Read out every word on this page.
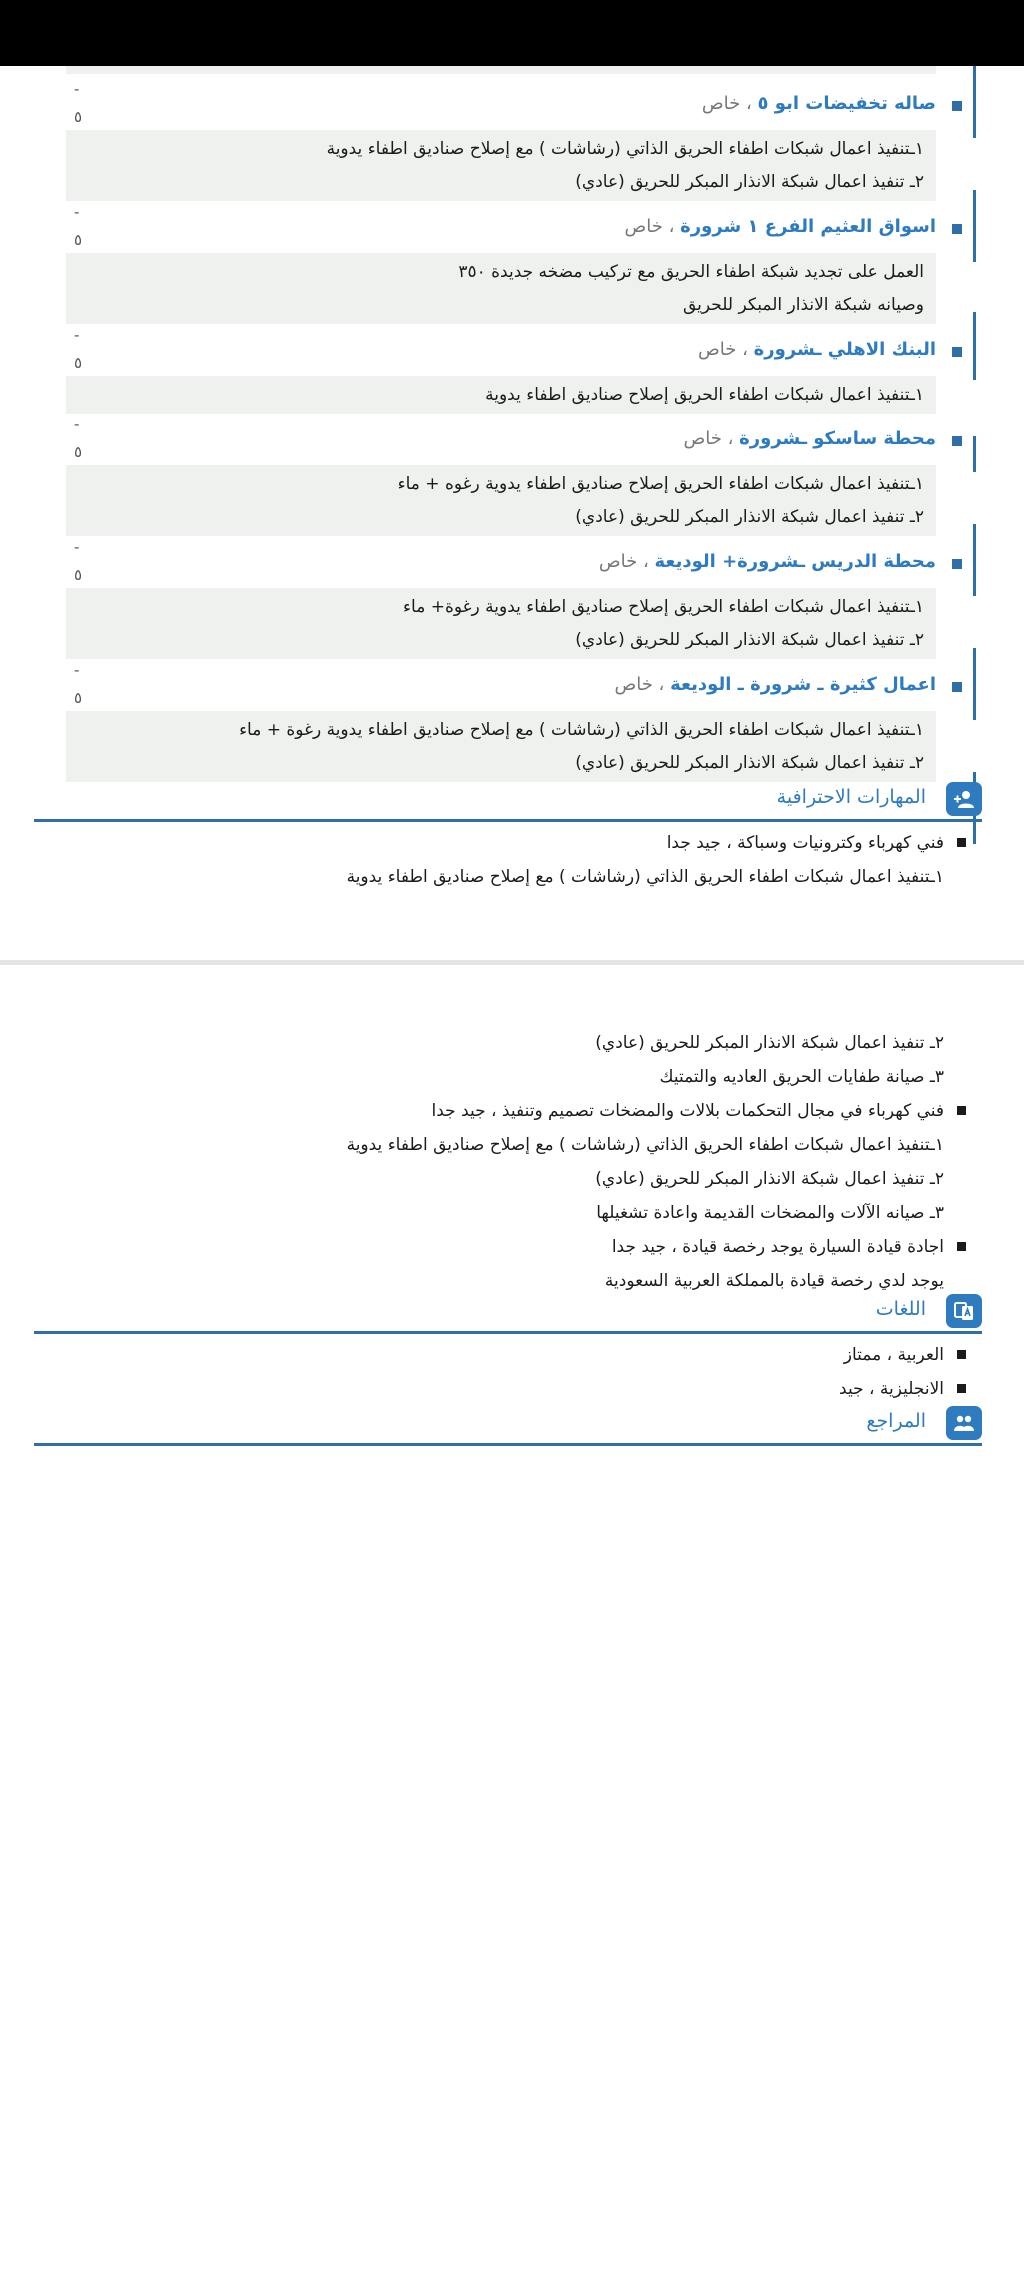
صاله تخفيضات ابو ٥ ، خاص
-
٥
١ـتنفيذ اعمال شبكات اطفاء الحريق الذاتي (رشاشات ) مع إصلاح صناديق اطفاء يدوية
٢ـ تنفيذ اعمال شبكة الانذار المبكر للحريق (عادي)
اسواق العثيم الفرع ١ شرورة ، خاص
-
٥
العمل على تجديد شبكة اطفاء الحريق مع تركيب مضخه جديدة ٣٥٠
وصيانه شبكة الانذار المبكر للحريق
البنك الاهلي ـشرورة ، خاص
-
٥
١ـتنفيذ اعمال شبكات اطفاء الحريق إصلاح صناديق اطفاء يدوية
محطة ساسكو ـشرورة ، خاص
-
٥
١ـتنفيذ اعمال شبكات اطفاء الحريق إصلاح صناديق اطفاء يدوية رغوه + ماء
٢ـ تنفيذ اعمال شبكة الانذار المبكر للحريق (عادي)
محطة الدريس ـشرورة+ الوديعة ، خاص
-
٥
١ـتنفيذ اعمال شبكات اطفاء الحريق إصلاح صناديق اطفاء يدوية رغوة+ ماء
٢ـ تنفيذ اعمال شبكة الانذار المبكر للحريق (عادي)
اعمال كثيرة ـ شرورة ـ الوديعة ، خاص
-
٥
١ـتنفيذ اعمال شبكات اطفاء الحريق الذاتي (رشاشات ) مع إصلاح صناديق اطفاء يدوية رغوة + ماء
٢ـ تنفيذ اعمال شبكة الانذار المبكر للحريق (عادي)
المهارات الاحترافية
فني كهرباء وكترونيات وسباكة ، جيد جدا
١ـتنفيذ اعمال شبكات اطفاء الحريق الذاتي (رشاشات ) مع إصلاح صناديق اطفاء يدوية
٢ـ تنفيذ اعمال شبكة الانذار المبكر للحريق (عادي)
٣ـ صيانة طفايات الحريق العاديه والتمتيك
فني كهرباء في مجال التحكمات بلالات والمضخات تصميم وتنفيذ ، جيد جدا
١ـتنفيذ اعمال شبكات اطفاء الحريق الذاتي (رشاشات ) مع إصلاح صناديق اطفاء يدوية
٢ـ تنفيذ اعمال شبكة الانذار المبكر للحريق (عادي)
٣ـ صيانه الآلات والمضخات القديمة واعادة تشغيلها
اجادة قيادة السيارة يوجد رخصة قيادة ، جيد جدا
يوجد لدي رخصة قيادة بالمملكة العربية السعودية
اللغات
العربية ، ممتاز
الانجليزية ، جيد
المراجع
